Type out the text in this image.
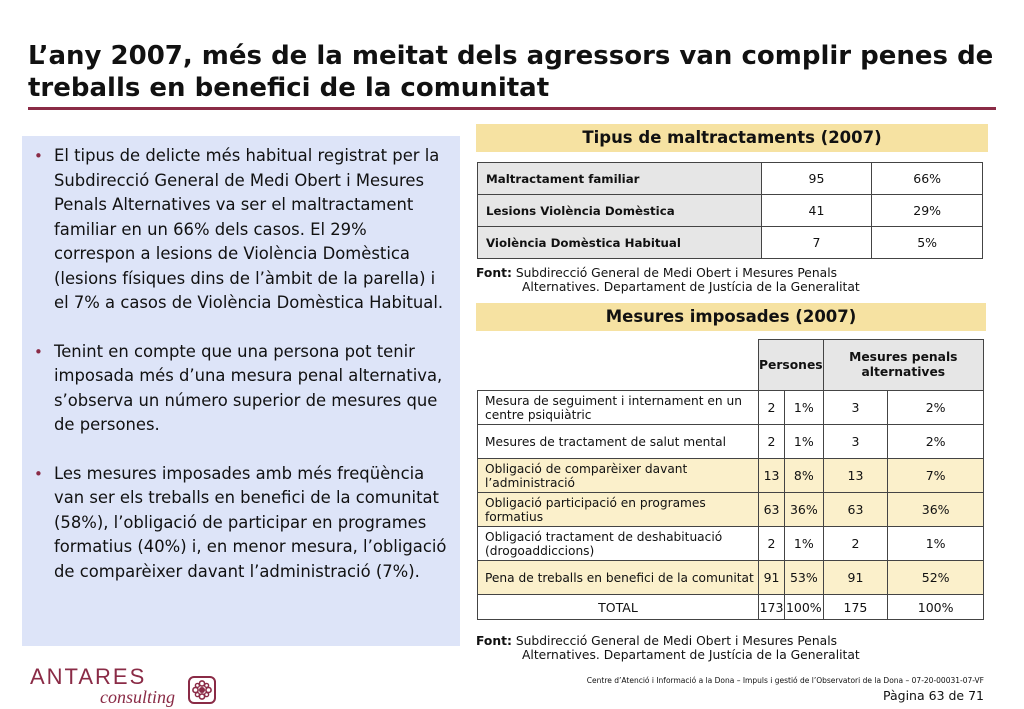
L’any 2007, més de la meitat dels agressors van complir penes de treballs en benefici de la comunitat
• El tipus de delicte més habitual registrat per la Subdirecció General de Medi Obert i Mesures Penals Alternatives va ser el maltractament familiar en un 66% dels casos. El 29% correspon a lesions de Violència Domèstica (lesions físiques dins de l’àmbit de la parella) i el 7% a casos de Violència Domèstica Habitual.
• Tenint en compte que una persona pot tenir imposada més d’una mesura penal alternativa, s’observa un número superior de mesures que de persones.
• Les mesures imposades amb més freqüència van ser els treballs en benefici de la comunitat (58%), l’obligació de participar en programes formatius (40%) i, en menor mesura, l’obligació de comparèixer davant l’administració (7%).
Tipus de maltractaments (2007)
Maltractament familiar	95	66%
Lesions Violència Domèstica	41	29%
Violència Domèstica Habitual	7	5%
Font: Subdirecció General de Medi Obert i Mesures Penals
Alternatives. Departament de Justícia de la Generalitat
Mesures imposades (2007)
	Persones		Mesures penals alternatives	
Mesura de seguiment i internament en un centre psiquiàtric	2	1%	3	2%
Mesures de tractament de salut mental	2	1%	3	2%
Obligació de comparèixer davant l’administració	13	8%	13	7%
Obligació participació en programes formatius	63	36%	63	36%
Obligació tractament de deshabituació (drogoaddiccions)	2	1%	2	1%
Pena de treballs en benefici de la comunitat	91	53%	91	52%
TOTAL	173	100%	175	100%
Font: Subdirecció General de Medi Obert i Mesures Penals
Alternatives. Departament de Justícia de la Generalitat
ANTARES
consulting
Centre d’Atenció i Informació a la Dona – Impuls i gestió de l’Observatori de la Dona – 07-20-00031-07-VF
Pàgina 63 de 71
